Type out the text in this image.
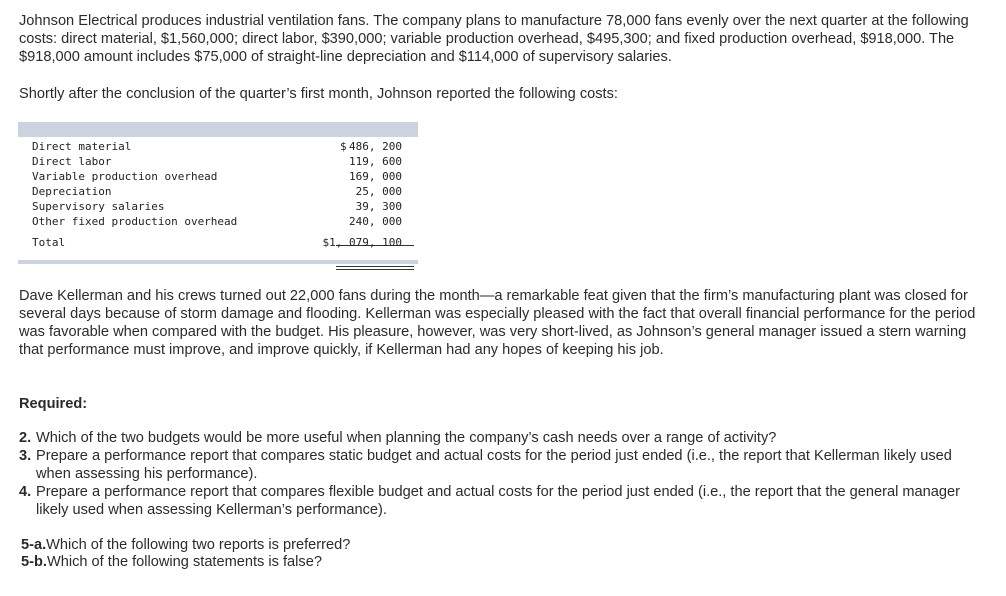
Johnson Electrical produces industrial ventilation fans. The company plans to manufacture 78,000 fans evenly over the next quarter at the following costs: direct material, $1,560,000; direct labor, $390,000; variable production overhead, $495,300; and fixed production overhead, $918,000. The $918,000 amount includes $75,000 of straight-line depreciation and $114,000 of supervisory salaries.

Shortly after the conclusion of the quarter’s first month, Johnson reported the following costs:

Direct material	$ 486, 200
Direct labor	119, 600
Variable production overhead	169, 000
Depreciation	25, 000
Supervisory salaries	39, 300
Other fixed production overhead	240, 000
Total	$1, 079, 100

Dave Kellerman and his crews turned out 22,000 fans during the month—a remarkable feat given that the firm’s manufacturing plant was closed for several days because of storm damage and flooding. Kellerman was especially pleased with the fact that overall financial performance for the period was favorable when compared with the budget. His pleasure, however, was very short-lived, as Johnson’s general manager issued a stern warning that performance must improve, and improve quickly, if Kellerman had any hopes of keeping his job.

Required:

2. Which of the two budgets would be more useful when planning the company’s cash needs over a range of activity?
3. Prepare a performance report that compares static budget and actual costs for the period just ended (i.e., the report that Kellerman likely used when assessing his performance).
4. Prepare a performance report that compares flexible budget and actual costs for the period just ended (i.e., the report that the general manager likely used when assessing Kellerman’s performance).

5-a.Which of the following two reports is preferred?

5-b.Which of the following statements is false?
